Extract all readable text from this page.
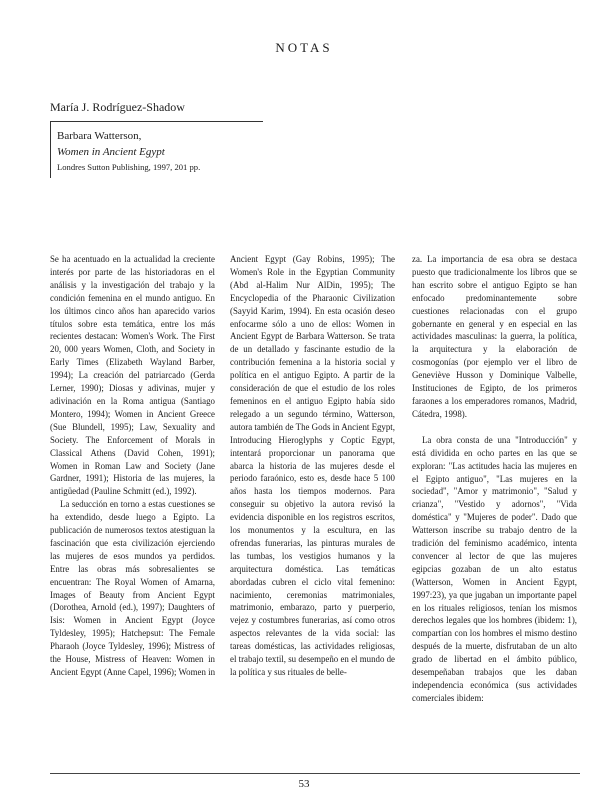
NOTAS
María J. Rodríguez-Shadow
Barbara Watterson,
Women in Ancient Egypt
Londres Sutton Publishing, 1997, 201 pp.

Se ha acentuado en la actualidad la creciente interés por parte de las historiadoras en el análisis y la investigación del trabajo y la condición femenina en el mundo antiguo. En los últimos cinco años han aparecido varios títulos sobre esta temática, entre los más recientes destacan: Women's Work. The First 20, 000 years Women, Cloth, and Society in Early Times (Elizabeth Wayland Barber, 1994); La creación del patriarcado (Gerda Lerner, 1990); Diosas y adivinas, mujer y adivinación en la Roma antigua (Santiago Montero, 1994); Women in Ancient Greece (Sue Blundell, 1995); Law, Sexuality and Society. The Enforcement of Morals in Classical Athens (David Cohen, 1991); Women in Roman Law and Society (Jane Gardner, 1991); Historia de las mujeres, la antigüedad (Pauline Schmitt (ed.), 1992).

La seducción en torno a estas cuestiones se ha extendido, desde luego a Egipto. La publicación de numerosos textos atestiguan la fascinación que esta civilización ejerciendo las mujeres de esos mundos ya perdidos. Entre las obras más sobresalientes se encuentran: The Royal Women of Amarna, Images of Beauty from Ancient Egypt (Dorothea, Arnold (ed.), 1997); Daughters of Isis: Women in Ancient Egypt (Joyce Tyldesley, 1995); Hatchepsut: The Female Pharaoh (Joyce Tyldesley, 1996); Mistress of the House, Mistress of Heaven: Women in Ancient Egypt (Anne Capel, 1996); Women in

Ancient Egypt (Gay Robins, 1995); The Women's Role in the Egyptian Community (Abd al-Halim Nur AlDin, 1995); The Encyclopedia of the Pharaonic Civilization (Sayyid Karim, 1994). En esta ocasión deseo enfocarme sólo a uno de ellos: Women in Ancient Egypt de Barbara Watterson. Se trata de un detallado y fascinante estudio de la contribución femenina a la historia social y política en el antiguo Egipto. A partir de la consideración de que el estudio de los roles femeninos en el antiguo Egipto había sido relegado a un segundo término, Watterson, autora también de The Gods in Ancient Egypt, Introducing Hieroglyphs y Coptic Egypt, intentará proporcionar un panorama que abarca la historia de las mujeres desde el periodo faraónico, esto es, desde hace 5 100 años hasta los tiempos modernos. Para conseguir su objetivo la autora revisó la evidencia disponible en los registros escritos, los monumentos y la escultura, en las ofrendas funerarias, las pinturas murales de las tumbas, los vestigios humanos y la arquitectura doméstica. Las temáticas abordadas cubren el ciclo vital femenino: nacimiento, ceremonias matrimoniales, matrimonio, embarazo, parto y puerperio, vejez y costumbres funerarias, así como otros aspectos relevantes de la vida social: las tareas domésticas, las actividades religiosas, el trabajo textil, su desempeño en el mundo de la política y sus rituales de belle-

za. La importancia de esa obra se destaca puesto que tradicionalmente los libros que se han escrito sobre el antiguo Egipto se han enfocado predominantemente sobre cuestiones relacionadas con el grupo gobernante en general y en especial en las actividades masculinas: la guerra, la política, la arquitectura y la elaboración de cosmogonías (por ejemplo ver el libro de Geneviève Husson y Dominique Valbelle, Instituciones de Egipto, de los primeros faraones a los emperadores romanos, Madrid, Cátedra, 1998).

La obra consta de una "Introducción" y está dividida en ocho partes en las que se exploran: "Las actitudes hacia las mujeres en el Egipto antiguo", "Las mujeres en la sociedad", "Amor y matrimonio", "Salud y crianza", "Vestido y adornos", "Vida doméstica" y "Mujeres de poder". Dado que Watterson inscribe su trabajo dentro de la tradición del feminismo académico, intenta convencer al lector de que las mujeres egipcias gozaban de un alto estatus (Watterson, Women in Ancient Egypt, 1997:23), ya que jugaban un importante papel en los rituales religiosos, tenían los mismos derechos legales que los hombres (ibidem: 1), compartían con los hombres el mismo destino después de la muerte, disfrutaban de un alto grado de libertad en el ámbito público, desempeñaban trabajos que les daban independencia económica (sus actividades comerciales ibidem:

53
